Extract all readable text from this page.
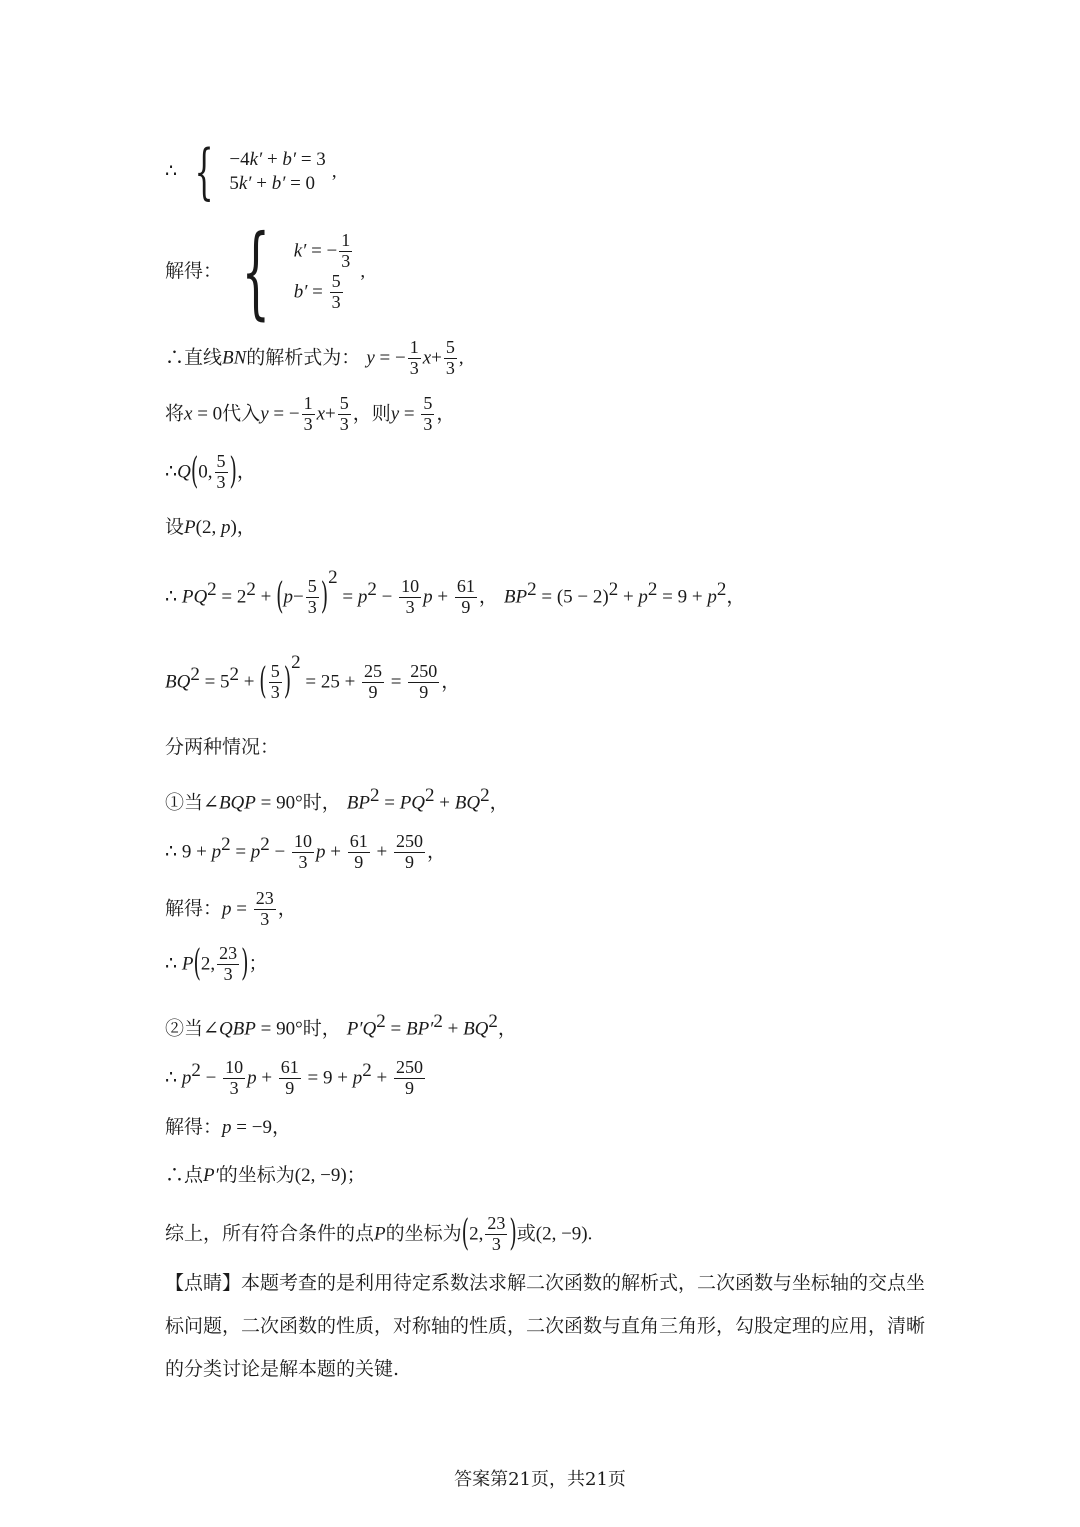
∴ { −4k′ + b′ = 3
5k′ + b′ = 0
,
解得： { k′ = − $\frac{1}{3}$
$b' = \frac{5}{3}$
,
∴直线BN的解析式为： y = − $\frac{1}{3} x+ \frac{5}{3}$ ,
将x = 0代入y = − $\frac{1}{3} x+ \frac{5}{3}$ ，则$y = \frac{5}{3}$ ，
∴Q(0, $\frac{5}{3}$ )，
设P(2, p)，
∴ $PQ^2 = 2^2 + (p- \frac{5}{3} )^2 = p^2 - \frac{10}{3}$ $p + \frac{61}{9}$ ， $BP^2 = (5 - 2)^2 + p^2 = 9 + p^2$，
$BQ^2 = 5^2$ + ( $\frac{5}{3} )^2 = 25 + \frac{25}{9} = \frac{250}{9}$ ，
分两种情况：
①当∠BQP = 90°时， $BP^2 = PQ^2 + BQ^2$，
∴ $9 + p^2 = p^2 - \frac{10}{3}$ $p + \frac{61}{9} + \frac{250}{9}$ ，
解得：$p = \frac{23}{3}$ ，
∴ P(2, $\frac{23}{3}$ )；
②当∠QBP = 90°时， $P'Q^2 = BP'^2 + BQ^2$，
∴ $p^2 - \frac{10}{3}$ $p + \frac{61}{9} = 9 + p^2 + \frac{250}{9}$
解得：p = −9，
∴点P′的坐标为(2, −9)；
综上，所有符合条件的点P的坐标为(2, $\frac{23}{3}$ )或(2, −9).
【点睛】本题考查的是利用待定系数法求解二次函数的解析式，二次函数与坐标轴的交点坐标问题，二次函数的性质，对称轴的性质，二次函数与直角三角形，勾股定理的应用，清晰的分类讨论是解本题的关键.
答案第21页，共21页
